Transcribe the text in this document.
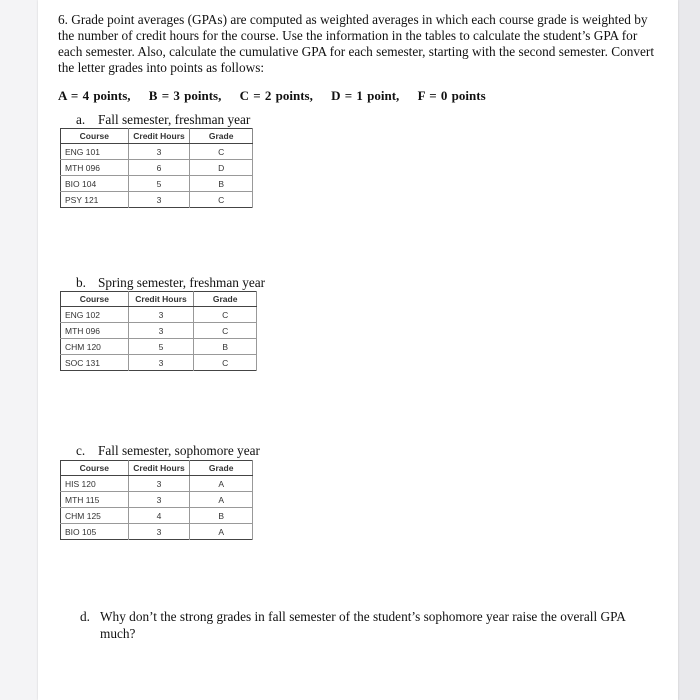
6. Grade point averages (GPAs) are computed as weighted averages in which each course grade is weighted by the number of credit hours for the course. Use the information in the tables to calculate the student’s GPA for each semester. Also, calculate the cumulative GPA for each semester, starting with the second semester. Convert the letter grades into points as follows:
A = 4 points, B = 3 points, C = 2 points, D = 1 point, F = 0 points
a. Fall semester, freshman year
Course	Credit Hours	Grade
ENG 101	3	C
MTH 096	6	D
BIO 104	5	B
PSY 121	3	C
b. Spring semester, freshman year
Course	Credit Hours	Grade
ENG 102	3	C
MTH 096	3	C
CHM 120	5	B
SOC 131	3	C
c. Fall semester, sophomore year
Course	Credit Hours	Grade
HIS 120	3	A
MTH 115	3	A
CHM 125	4	B
BIO 105	3	A
d. Why don’t the strong grades in fall semester of the student’s sophomore year raise the overall GPA much?
